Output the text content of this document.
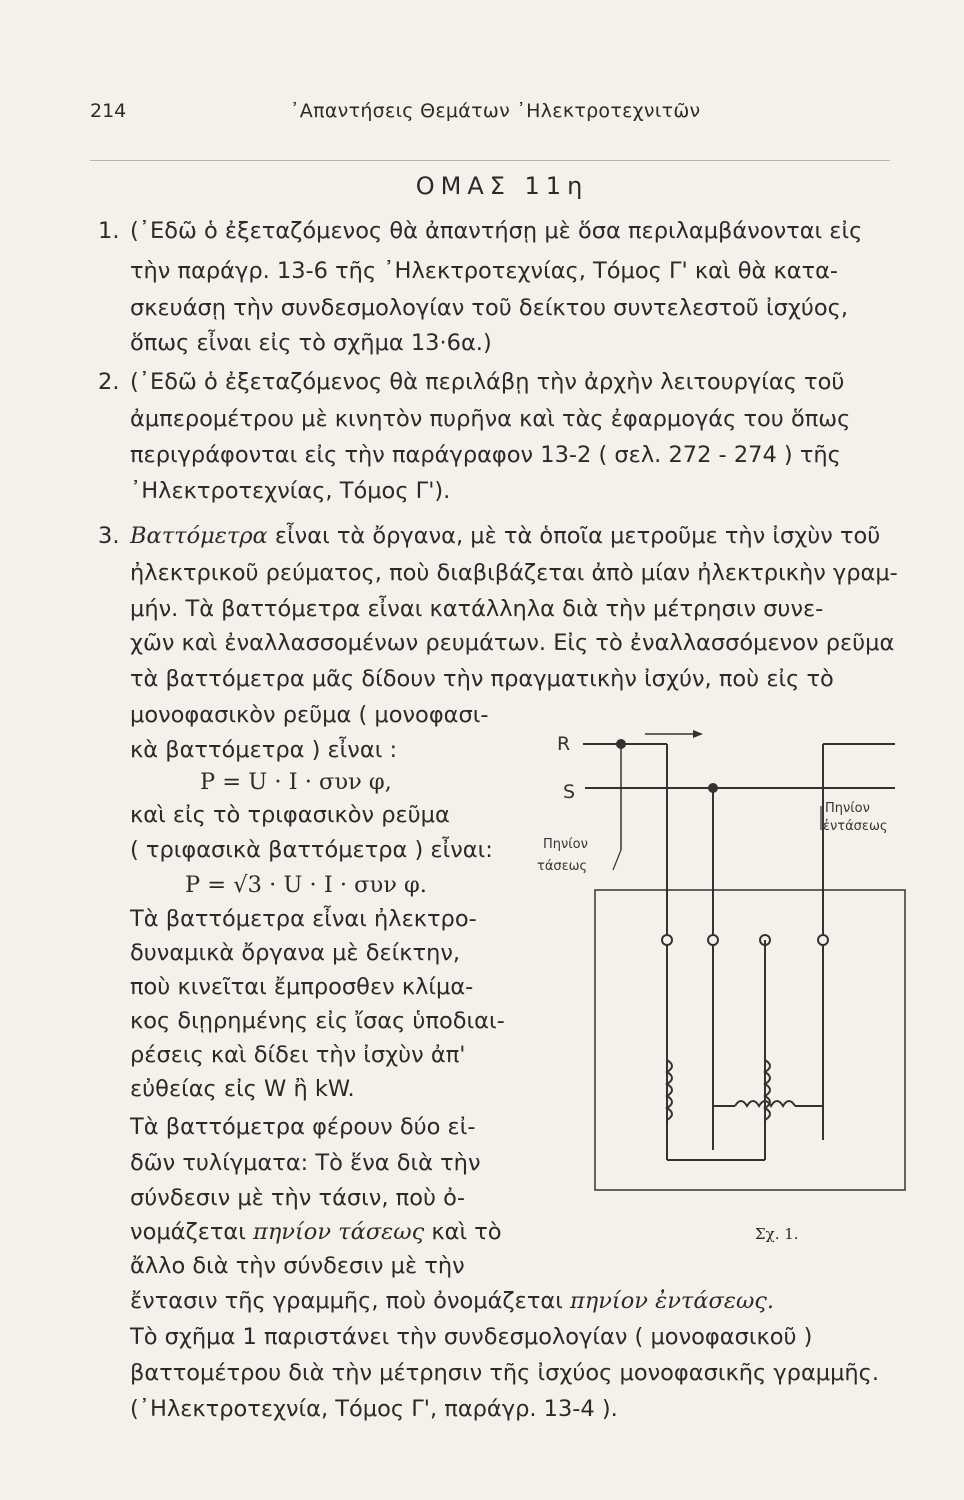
214	᾿Απαντήσεις Θεμάτων ᾿Ηλεκτροτεχνιτῶν
ΟΜΑΣ 11η
1. (᾿Εδῶ ὁ ἐξεταζόμενος θὰ ἀπαντήσῃ μὲ ὅσα περιλαμβάνονται εἰς
τὴν παράγρ. 13-6 τῆς ᾿Ηλεκτροτεχνίας, Τόμος Γ' καὶ θὰ κατα-
σκευάσῃ τὴν συνδεσμολογίαν τοῦ δείκτου συντελεστοῦ ἰσχύος,
ὅπως εἶναι εἰς τὸ σχῆμα 13·6α.)
2. (᾿Εδῶ ὁ ἐξεταζόμενος θὰ περιλάβῃ τὴν ἀρχὴν λειτουργίας τοῦ
ἀμπερομέτρου μὲ κινητὸν πυρῆνα καὶ τὰς ἐφαρμογάς του ὅπως
περιγράφονται εἰς τὴν παράγραφον 13-2 ( σελ. 272 - 274 ) τῆς
᾿Ηλεκτροτεχνίας, Τόμος Γ').
3. Βαττόμετρα εἶναι τὰ ὄργανα, μὲ τὰ ὁποῖα μετροῦμε τὴν ἰσχὺν τοῦ
ἠλεκτρικοῦ ρεύματος, ποὺ διαβιβάζεται ἀπὸ μίαν ἠλεκτρικὴν γραμ-
μήν. Τὰ βαττόμετρα εἶναι κατάλληλα διὰ τὴν μέτρησιν συνε-
χῶν καὶ ἐναλλασσομένων ρευμάτων. Εἰς τὸ ἐναλλασσόμενον ρεῦμα
τὰ βαττόμετρα μᾶς δίδουν τὴν πραγματικὴν ἰσχύν, ποὺ εἰς τὸ
μονοφασικὸν ρεῦμα ( μονοφασι-
κὰ βαττόμετρα ) εἶναι :
Ρ = U · I · συν φ,
καὶ εἰς τὸ τριφασικὸν ρεῦμα
( τριφασικὰ βαττόμετρα ) εἶναι:
Ρ = √3 · U · I · συν φ.
Τὰ βαττόμετρα εἶναι ἠλεκτρο-
δυναμικὰ ὄργανα μὲ δείκτην,
ποὺ κινεῖται ἔμπροσθεν κλίμα-
κος διῃρημένης εἰς ἴσας ὑποδιαι-
ρέσεις καὶ δίδει τὴν ἰσχὺν ἀπ'
εὐθείας εἰς W ἢ kW.
Τὰ βαττόμετρα φέρουν δύο εἰ-
δῶν τυλίγματα: Τὸ ἕνα διὰ τὴν
σύνδεσιν μὲ τὴν τάσιν, ποὺ ὀ-
νομάζεται πηνίον τάσεως καὶ τὸ
ἄλλο διὰ τὴν σύνδεσιν μὲ τὴν
ἔντασιν τῆς γραμμῆς, ποὺ ὀνομάζεται πηνίον ἐντάσεως.
Τὸ σχῆμα 1 παριστάνει τὴν συνδεσμολογίαν ( μονοφασικοῦ )
βαττομέτρου διὰ τὴν μέτρησιν τῆς ἰσχύος μονοφασικῆς γραμμῆς.
(᾿Ηλεκτροτεχνία, Τόμος Γ', παράγρ. 13-4 ).
R
S
Πηνίον
τάσεως
Πηνίον
ἐντάσεως
Σχ. 1.
